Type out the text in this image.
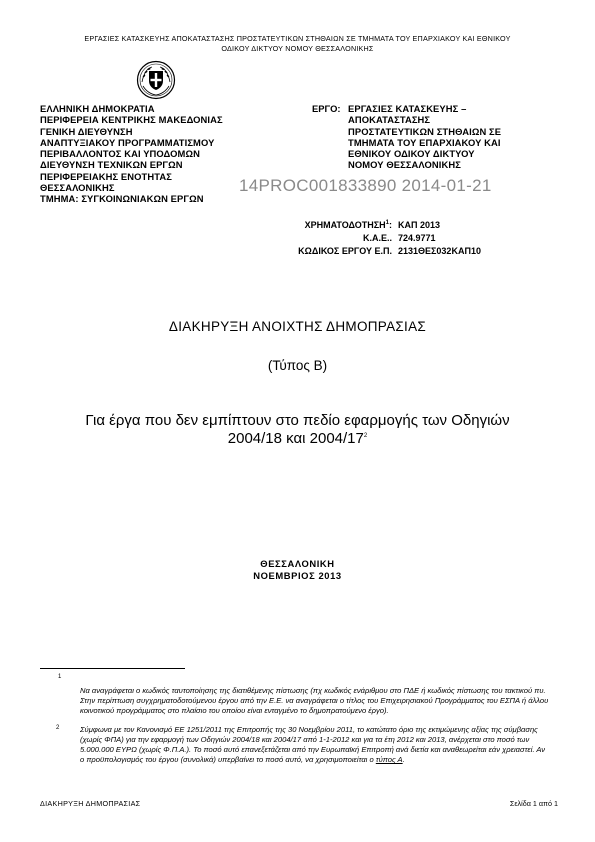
ΕΡΓΑΣΙΕΣ ΚΑΤΑΣΚΕΥΗΣ ΑΠΟΚΑΤΑΣΤΑΣΗΣ ΠΡΟΣΤΑΤΕΥΤΙΚΩΝ ΣΤΗΘΑΙΩΝ ΣΕ ΤΜΗΜΑΤΑ ΤΟΥ ΕΠΑΡΧΙΑΚΟΥ ΚΑΙ ΕΘΝΙΚΟΥ
ΟΔΙΚΟΥ ΔΙΚΤΥΟΥ ΝΟΜΟΥ ΘΕΣΣΑΛΟΝΙΚΗΣ
ΕΛΛΗΝΙΚΗ ΔΗΜΟΚΡΑΤΙΑ
ΠΕΡΙΦΕΡΕΙΑ ΚΕΝΤΡΙΚΗΣ ΜΑΚΕΔΟΝΙΑΣ
ΓΕΝΙΚΗ ΔΙΕΥΘΥΝΣΗ
ΑΝΑΠΤΥΞΙΑΚΟΥ ΠΡΟΓΡΑΜΜΑΤΙΣΜΟΥ
ΠΕΡΙΒΑΛΛΟΝΤΟΣ ΚΑΙ ΥΠΟΔΟΜΩΝ
ΔΙΕΥΘΥΝΣΗ ΤΕΧΝΙΚΩΝ ΕΡΓΩΝ
ΠΕΡΙΦΕΡΕΙΑΚΗΣ ΕΝΟΤΗΤΑΣ
ΘΕΣΣΑΛΟΝΙΚΗΣ
ΤΜΗΜΑ: ΣΥΓΚΟΙΝΩΝΙΑΚΩΝ ΕΡΓΩΝ
ΕΡΓΟ: ΕΡΓΑΣΙΕΣ ΚΑΤΑΣΚΕΥΗΣ –
ΑΠΟΚΑΤΑΣΤΑΣΗΣ
ΠΡΟΣΤΑΤΕΥΤΙΚΩΝ ΣΤΗΘΑΙΩΝ ΣΕ
ΤΜΗΜΑΤΑ ΤΟΥ ΕΠΑΡΧΙΑΚΟΥ ΚΑΙ
ΕΘΝΙΚΟΥ ΟΔΙΚΟΥ ΔΙΚΤΥΟΥ
ΝΟΜΟΥ ΘΕΣΣΑΛΟΝΙΚΗΣ
14PROC001833890 2014-01-21
ΧΡΗΜΑΤΟΔΟΤΗΣΗ$^1$:
Κ.Α.Ε..
ΚΩΔΙΚΟΣ ΕΡΓΟΥ Ε.Π.
ΚΑΠ 2013
724.9771
2131ΘΕΣ032ΚΑΠ10
ΔΙΑΚΗΡΥΞΗ ΑΝΟΙΧΤΗΣ ΔΗΜΟΠΡΑΣΙΑΣ
(Τύπος Β)
Για έργα που δεν εμπίπτουν στο πεδίο εφαρμογής των Οδηγιών
2004/18 και $2004/17^2$
ΘΕΣΣΑΛΟΝΙΚΗ
ΝΟΕΜΒΡΙΟΣ 2013
1
Να αναγράφεται ο κωδικός ταυτοποίησης της διατιθέμενης πίστωσης (πχ κωδικός ενάριθμου στο ΠΔΕ ή κωδικός πίστωσης του τακτικού πυ. Στην περίπτωση συγχρηματοδοτούμενου έργου από την Ε.Ε. να αναγράφεται ο τίτλος του Επιχειρησιακού Προγράμματος του ΕΣΠΑ ή άλλου κοινοτικού προγράμματος στο πλαίσιο του οποίου είναι ενταγμένο το δημοπρατούμενο έργο).
2	Σύμφωνα με τον Κανονισμό ΕΕ 1251/2011 της Επιτροπής της 30 Νοεμβρίου 2011, το κατώτατο όριο της εκτιμώμενης αξίας της σύμβασης (χωρίς ΦΠΑ) για την εφαρμογή των Οδηγιών 2004/18 και 2004/17 από 1-1-2012 και για τα έτη 2012 και 2013, ανέρχεται στο ποσό των 5.000.000 ΕΥΡΩ (χωρίς Φ.Π.Α.). Το ποσό αυτό επανεξετάζεται από την Ευρωπαϊκή Επιτροπή ανά διετία και αναθεωρείται εάν χρειαστεί. Αν ο προϋπολογισμός του έργου (συνολικά) υπερβαίνει το ποσό αυτό, να χρησιμοποιείται ο τύπος Α.
ΔΙΑΚΗΡΥΞΗ ΔΗΜΟΠΡΑΣΙΑΣ	Σελίδα 1 από 1
